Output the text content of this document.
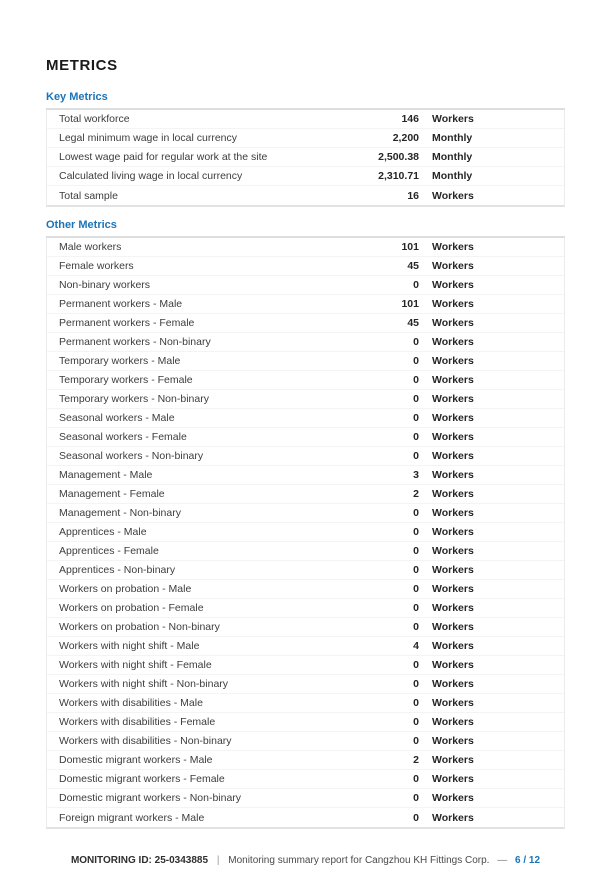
METRICS
Key Metrics
Total workforce	146	Workers
Legal minimum wage in local currency	2,200	Monthly
Lowest wage paid for regular work at the site	2,500.38	Monthly
Calculated living wage in local currency	2,310.71	Monthly
Total sample	16	Workers
Other Metrics
Male workers	101	Workers
Female workers	45	Workers
Non-binary workers	0	Workers
Permanent workers - Male	101	Workers
Permanent workers - Female	45	Workers
Permanent workers - Non-binary	0	Workers
Temporary workers - Male	0	Workers
Temporary workers - Female	0	Workers
Temporary workers - Non-binary	0	Workers
Seasonal workers - Male	0	Workers
Seasonal workers - Female	0	Workers
Seasonal workers - Non-binary	0	Workers
Management - Male	3	Workers
Management - Female	2	Workers
Management - Non-binary	0	Workers
Apprentices - Male	0	Workers
Apprentices - Female	0	Workers
Apprentices - Non-binary	0	Workers
Workers on probation - Male	0	Workers
Workers on probation - Female	0	Workers
Workers on probation - Non-binary	0	Workers
Workers with night shift - Male	4	Workers
Workers with night shift - Female	0	Workers
Workers with night shift - Non-binary	0	Workers
Workers with disabilities - Male	0	Workers
Workers with disabilities - Female	0	Workers
Workers with disabilities - Non-binary	0	Workers
Domestic migrant workers - Male	2	Workers
Domestic migrant workers - Female	0	Workers
Domestic migrant workers - Non-binary	0	Workers
Foreign migrant workers - Male	0	Workers
MONITORING ID: 25-0343885 | Monitoring summary report for Cangzhou KH Fittings Corp. — 6 / 12
